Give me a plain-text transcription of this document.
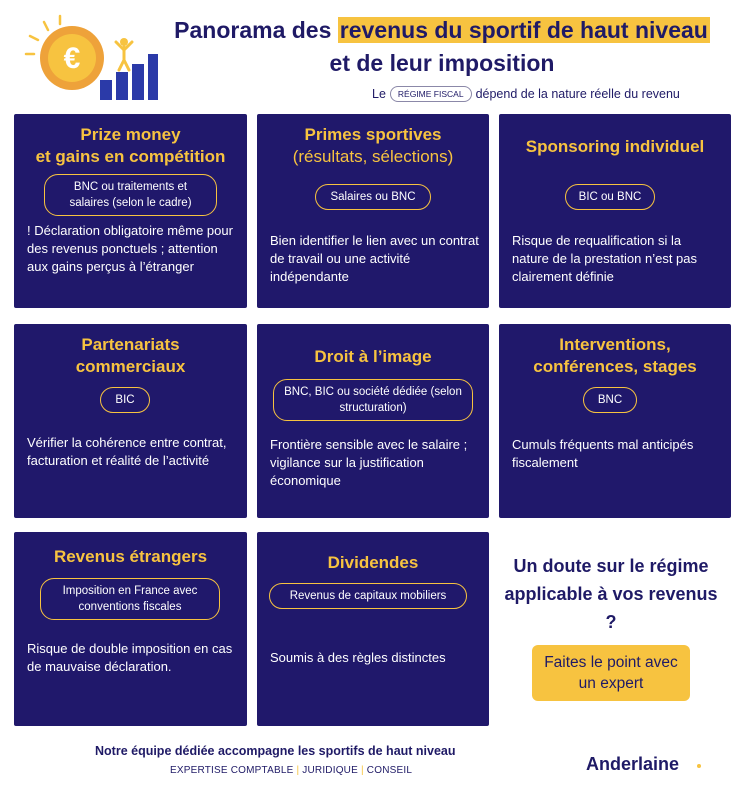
€
Panorama des revenus du sportif de haut niveau
et de leur imposition
Le	RÉGIME FISCAL dépend de la nature réelle du revenu
Prize money
et gains en compétition
BNC ou traitements et salaires (selon le cadre)
! Déclaration obligatoire même pour des revenus ponctuels ; attention aux gains perçus à l’étranger
Primes sportives
(résultats, sélections)
Salaires ou BNC
Bien identifier le lien avec un contrat de travail ou une activité indépendante
Sponsoring individuel
BIC ou BNC
Risque de requalification si la nature de la prestation n’est pas clairement définie
Partenariats
commerciaux
BIC
Vérifier la cohérence entre contrat, facturation et réalité de l’activité
Droit à l’image
BNC, BIC ou société dédiée (selon structuration)
Frontière sensible avec le salaire ; vigilance sur la justification économique
Interventions,
conférences, stages
BNC
Cumuls fréquents mal anticipés fiscalement
Revenus étrangers
Imposition en France avec conventions fiscales
Risque de double imposition en cas de mauvaise déclaration.
Dividendes
Revenus de capitaux mobiliers
Soumis à des règles distinctes
Un doute sur le régime applicable à vos revenus ?
Faites le point avec un expert
Notre équipe dédiée accompagne les sportifs de haut niveau
EXPERTISE COMPTABLE | JURIDIQUE | CONSEIL	Anderlaine
